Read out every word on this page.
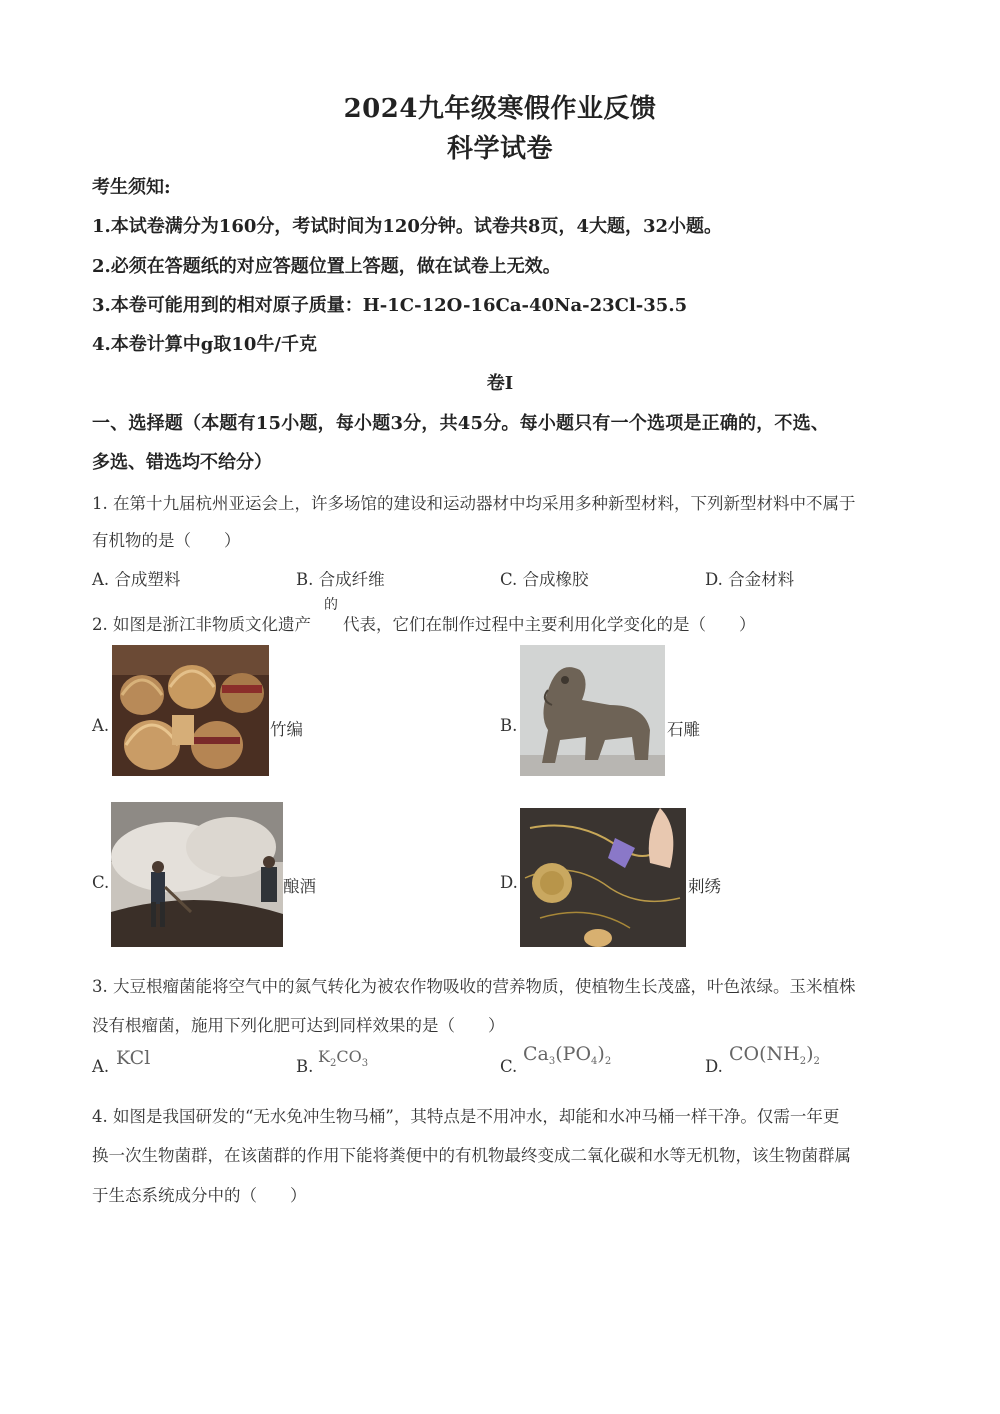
2024九年级寒假作业反馈
科学试卷
考生须知:
1.本试卷满分为160分，考试时间为120分钟。试卷共8页，4大题，32小题。
2.必须在答题纸的对应答题位置上答题，做在试卷上无效。
3.本卷可能用到的相对原子质量：H-1C-12O-16Ca-40Na-23Cl-35.5
4.本卷计算中g取10牛/千克
卷I
一、选择题（本题有15小题，每小题3分，共45分。每小题只有一个选项是正确的，不选、
多选、错选均不给分）
1. 在第十九届杭州亚运会上，许多场馆的建设和运动器材中均采用多种新型材料，下列新型材料中不属于
有机物的是（　　）
A. 合成塑料	B. 合成纤维	C. 合成橡胶	D. 合金材料
2. 如图是浙江非物质文化遗产
的
代表，它们在制作过程中主要利用化学变化的是（　　）
A.	竹编	B.	石雕
C.	酿酒	D.	刺绣
3. 大豆根瘤菌能将空气中的氮气转化为被农作物吸收的营养物质，使植物生长茂盛，叶色浓绿。玉米植株
没有根瘤菌，施用下列化肥可达到同样效果的是（　　）
A. KCl	B.
$K_2CO_3$	C.
$Ca_3(PO_4)_2$	D.
$CO(NH_2)_2$
4. 如图是我国研发的“无水免冲生物马桶”，其特点是不用冲水，却能和水冲马桶一样干净。仅需一年更
换一次生物菌群，在该菌群的作用下能将粪便中的有机物最终变成二氧化碳和水等无机物，该生物菌群属
于生态系统成分中的（　　）
